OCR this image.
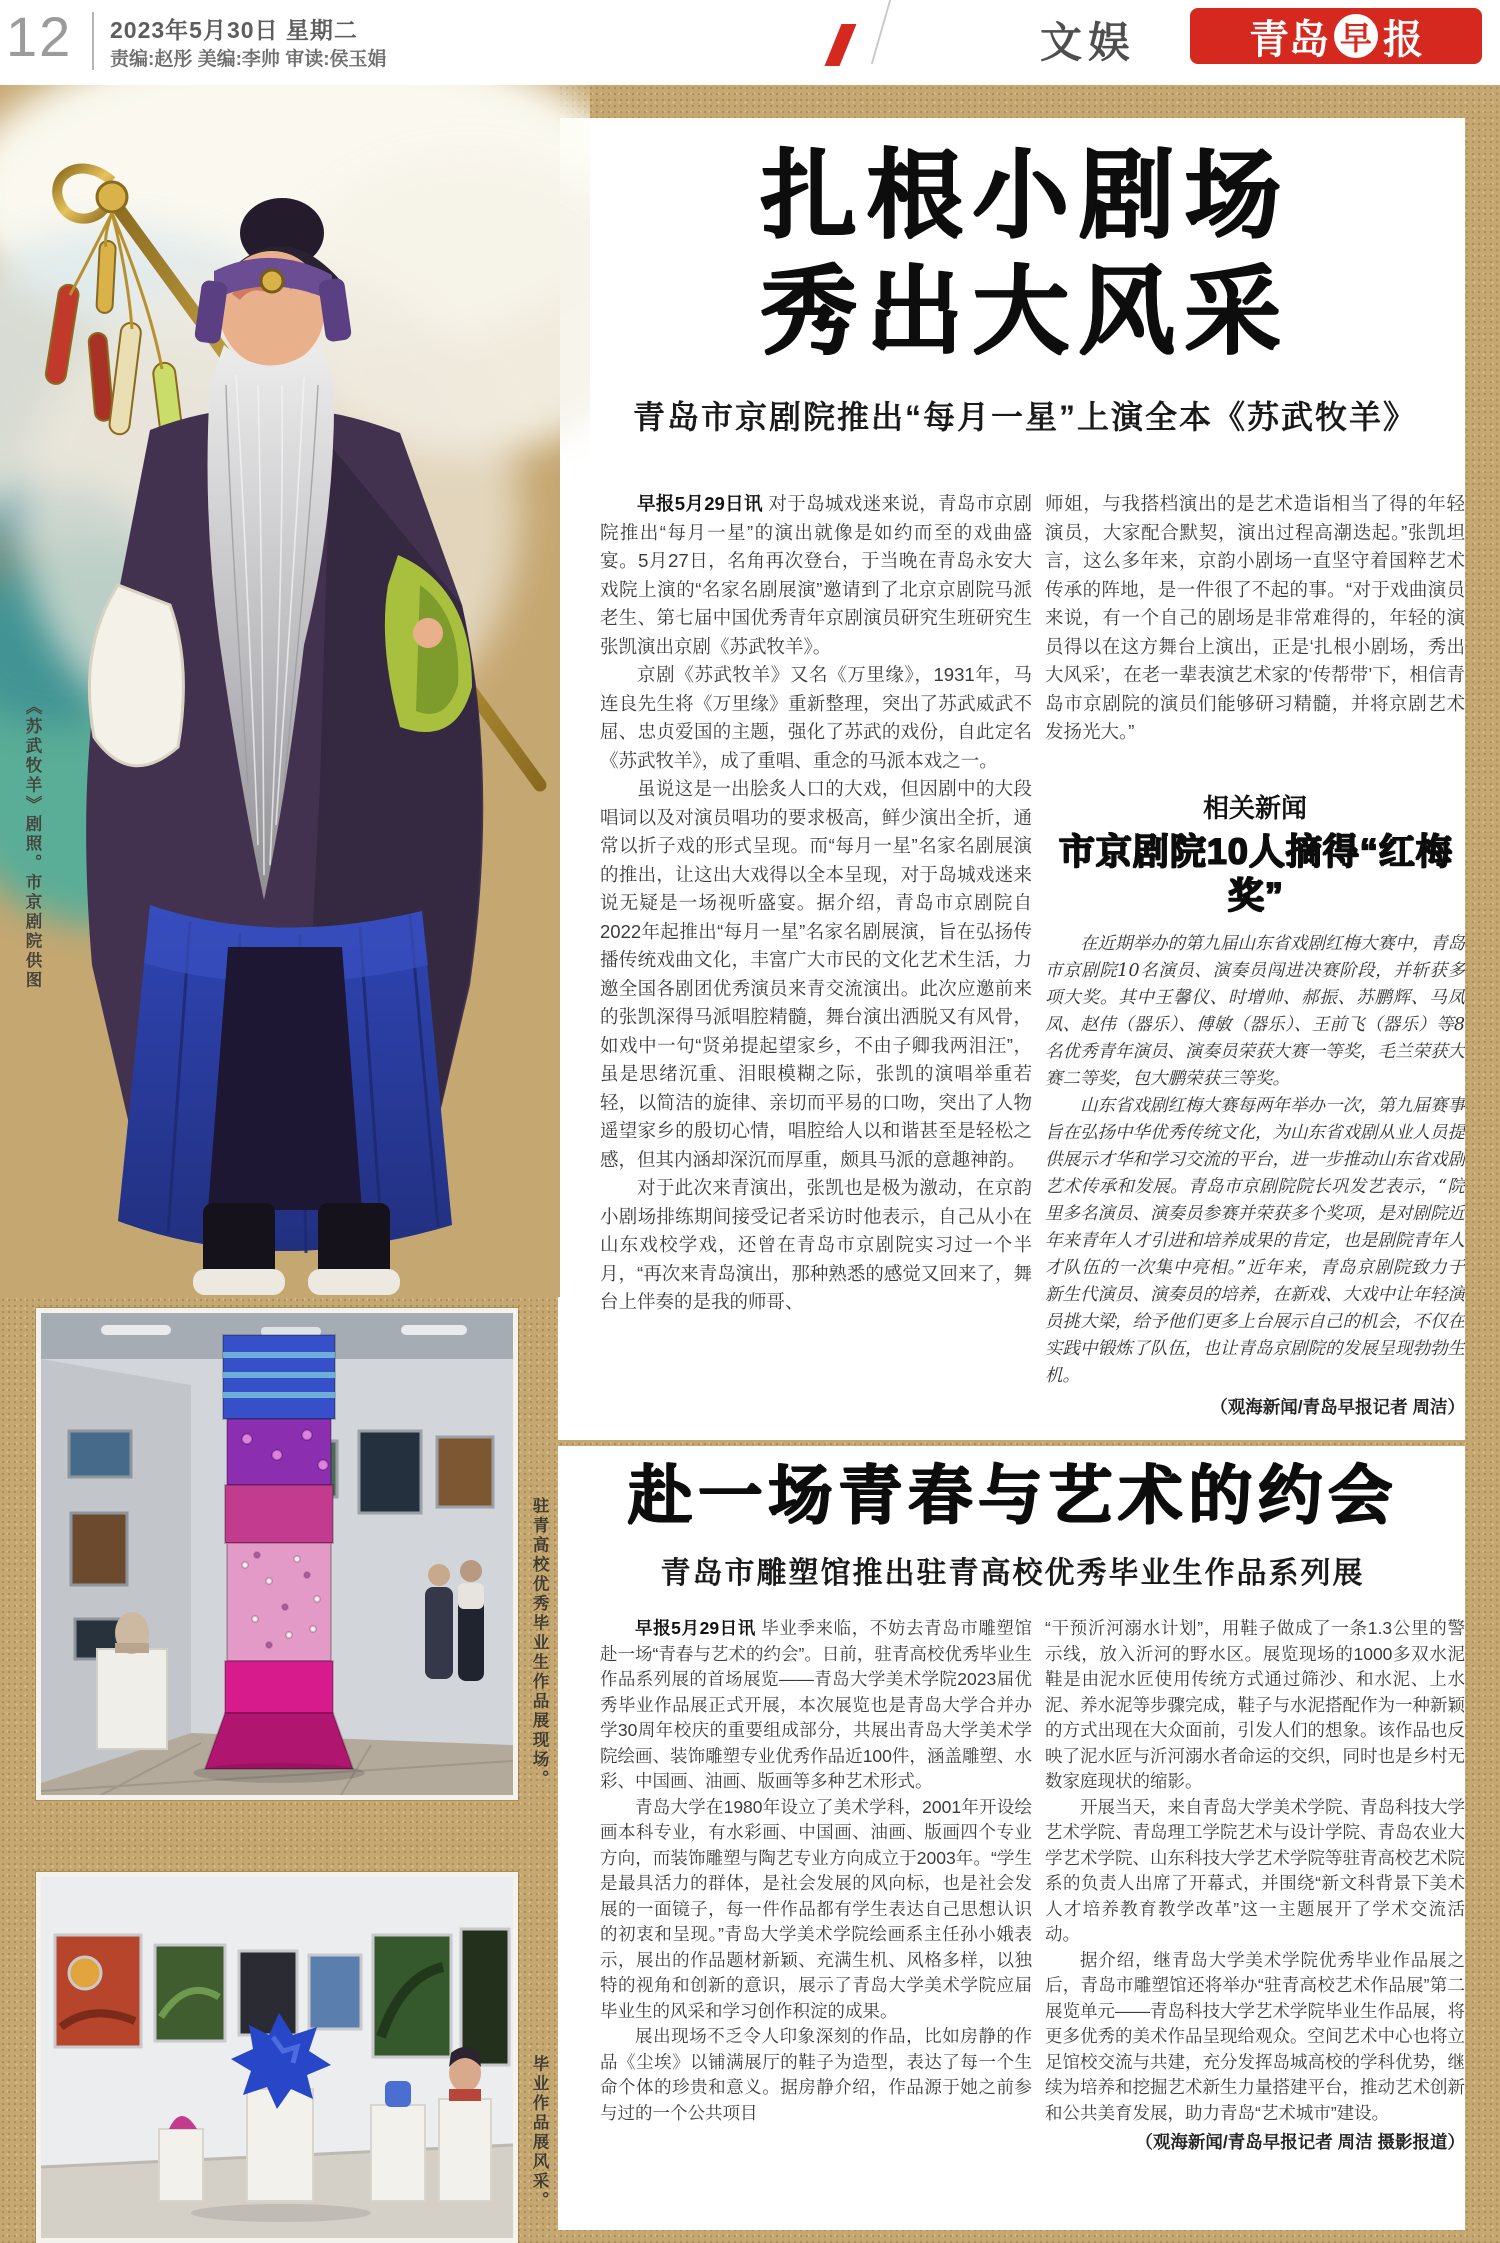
12 2023年5月30日 星期二
责编:赵彤 美编:李帅 审读:侯玉娟	文娱	青岛 早 报
《苏武牧羊》剧照。市京剧院供图
扎根小剧场
秀出大风采
青岛市京剧院推出“每月一星”上演全本《苏武牧羊》

早报5月29日讯 对于岛城戏迷来说，青岛市京剧院推出“每月一星”的演出就像是如约而至的戏曲盛宴。5月27日，名角再次登台，于当晚在青岛永安大戏院上演的“名家名剧展演”邀请到了北京京剧院马派老生、第七届中国优秀青年京剧演员研究生班研究生张凯演出京剧《苏武牧羊》。

京剧《苏武牧羊》又名《万里缘》，1931年，马连良先生将《万里缘》重新整理，突出了苏武威武不屈、忠贞爱国的主题，强化了苏武的戏份，自此定名《苏武牧羊》，成了重唱、重念的马派本戏之一。

虽说这是一出脍炙人口的大戏，但因剧中的大段唱词以及对演员唱功的要求极高，鲜少演出全折，通常以折子戏的形式呈现。而“每月一星”名家名剧展演的推出，让这出大戏得以全本呈现，对于岛城戏迷来说无疑是一场视听盛宴。据介绍，青岛市京剧院自2022年起推出“每月一星”名家名剧展演，旨在弘扬传播传统戏曲文化，丰富广大市民的文化艺术生活，力邀全国各剧团优秀演员来青交流演出。此次应邀前来的张凯深得马派唱腔精髓，舞台演出洒脱又有风骨，如戏中一句“贤弟提起望家乡，不由子卿我两泪汪”，虽是思绪沉重、泪眼模糊之际，张凯的演唱举重若轻，以简洁的旋律、亲切而平易的口吻，突出了人物遥望家乡的殷切心情，唱腔给人以和谐甚至是轻松之感，但其内涵却深沉而厚重，颇具马派的意趣神韵。

对于此次来青演出，张凯也是极为激动，在京韵小剧场排练期间接受记者采访时他表示，自己从小在山东戏校学戏，还曾在青岛市京剧院实习过一个半月，“再次来青岛演出，那种熟悉的感觉又回来了，舞台上伴奏的是我的师哥、

师姐，与我搭档演出的是艺术造诣相当了得的年轻演员，大家配合默契，演出过程高潮迭起。”张凯坦言，这么多年来，京韵小剧场一直坚守着国粹艺术传承的阵地，是一件很了不起的事。“对于戏曲演员来说，有一个自己的剧场是非常难得的，年轻的演员得以在这方舞台上演出，正是‘扎根小剧场，秀出大风采’，在老一辈表演艺术家的‘传帮带’下，相信青岛市京剧院的演员们能够研习精髓，并将京剧艺术发扬光大。”

相关新闻
市京剧院10人摘得“红梅奖”

在近期举办的第九届山东省戏剧红梅大赛中，青岛市京剧院10名演员、演奏员闯进决赛阶段，并斩获多项大奖。其中王馨仪、时增帅、郝振、苏鹏辉、马凤凤、赵伟（器乐）、傅敏（器乐）、王前飞（器乐）等8名优秀青年演员、演奏员荣获大赛一等奖，毛兰荣获大赛二等奖，包大鹏荣获三等奖。

山东省戏剧红梅大赛每两年举办一次，第九届赛事旨在弘扬中华优秀传统文化，为山东省戏剧从业人员提供展示才华和学习交流的平台，进一步推动山东省戏剧艺术传承和发展。青岛市京剧院院长巩发艺表示，“院里多名演员、演奏员参赛并荣获多个奖项，是对剧院近年来青年人才引进和培养成果的肯定，也是剧院青年人才队伍的一次集中亮相。”近年来，青岛京剧院致力于新生代演员、演奏员的培养，在新戏、大戏中让年轻演员挑大梁，给予他们更多上台展示自己的机会，不仅在实践中锻炼了队伍，也让青岛京剧院的发展呈现勃勃生机。

（观海新闻/青岛早报记者 周洁）

驻青高校优秀毕业生作品展现场。
毕业作品展风采。
赴一场青春与艺术的约会
青岛市雕塑馆推出驻青高校优秀毕业生作品系列展

早报5月29日讯 毕业季来临，不妨去青岛市雕塑馆赴一场“青春与艺术的约会”。日前，驻青高校优秀毕业生作品系列展的首场展览——青岛大学美术学院2023届优秀毕业作品展正式开展，本次展览也是青岛大学合并办学30周年校庆的重要组成部分，共展出青岛大学美术学院绘画、装饰雕塑专业优秀作品近100件，涵盖雕塑、水彩、中国画、油画、版画等多种艺术形式。

青岛大学在1980年设立了美术学科，2001年开设绘画本科专业，有水彩画、中国画、油画、版画四个专业方向，而装饰雕塑与陶艺专业方向成立于2003年。“学生是最具活力的群体，是社会发展的风向标，也是社会发展的一面镜子，每一件作品都有学生表达自己思想认识的初衷和呈现。”青岛大学美术学院绘画系主任孙小娥表示，展出的作品题材新颖、充满生机、风格多样，以独特的视角和创新的意识，展示了青岛大学美术学院应届毕业生的风采和学习创作积淀的成果。

展出现场不乏令人印象深刻的作品，比如房静的作品《尘埃》以铺满展厅的鞋子为造型，表达了每一个生命个体的珍贵和意义。据房静介绍，作品源于她之前参与过的一个公共项目

“干预沂河溺水计划”，用鞋子做成了一条1.3公里的警示线，放入沂河的野水区。展览现场的1000多双水泥鞋是由泥水匠使用传统方式通过筛沙、和水泥、上水泥、养水泥等步骤完成，鞋子与水泥搭配作为一种新颖的方式出现在大众面前，引发人们的想象。该作品也反映了泥水匠与沂河溺水者命运的交织，同时也是乡村无数家庭现状的缩影。

开展当天，来自青岛大学美术学院、青岛科技大学艺术学院、青岛理工学院艺术与设计学院、青岛农业大学艺术学院、山东科技大学艺术学院等驻青高校艺术院系的负责人出席了开幕式，并围绕“新文科背景下美术人才培养教育教学改革”这一主题展开了学术交流活动。

据介绍，继青岛大学美术学院优秀毕业作品展之后，青岛市雕塑馆还将举办“驻青高校艺术作品展”第二展览单元——青岛科技大学艺术学院毕业生作品展，将更多优秀的美术作品呈现给观众。空间艺术中心也将立足馆校交流与共建，充分发挥岛城高校的学科优势，继续为培养和挖掘艺术新生力量搭建平台，推动艺术创新和公共美育发展，助力青岛“艺术城市”建设。

（观海新闻/青岛早报记者 周洁 摄影报道）
